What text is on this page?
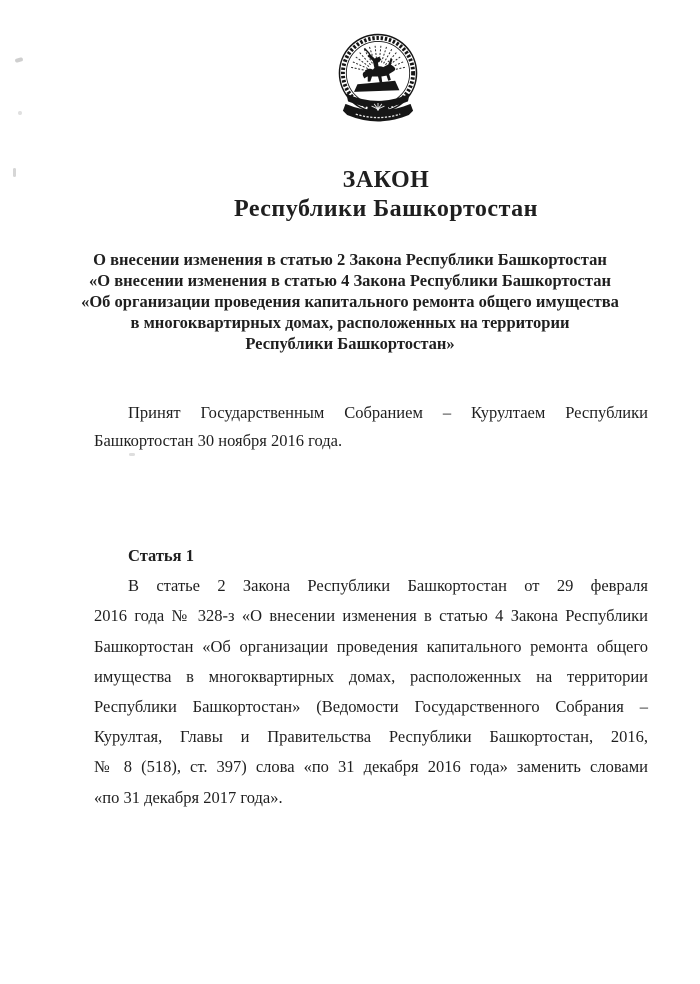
ЗАКОН
Республики Башкортостан
О внесении изменения в статью 2 Закона Республики Башкортостан
«О внесении изменения в статью 4 Закона Республики Башкортостан
«Об организации проведения капитального ремонта общего имущества
в многоквартирных домах, расположенных на территории
Республики Башкортостан»
Принят Государственным Собранием – Курултаем Республики
Башкортостан 30 ноября 2016 года.
Статья 1
В статье 2 Закона Республики Башкортостан от 29 февраля
2016 года № 328-з «О внесении изменения в статью 4 Закона Республики
Башкортостан «Об организации проведения капитального ремонта общего
имущества в многоквартирных домах, расположенных на территории
Республики Башкортостан» (Ведомости Государственного Собрания –
Курултая, Главы и Правительства Республики Башкортостан, 2016,
№ 8 (518), ст. 397) слова «по 31 декабря 2016 года» заменить словами
«по 31 декабря 2017 года».
